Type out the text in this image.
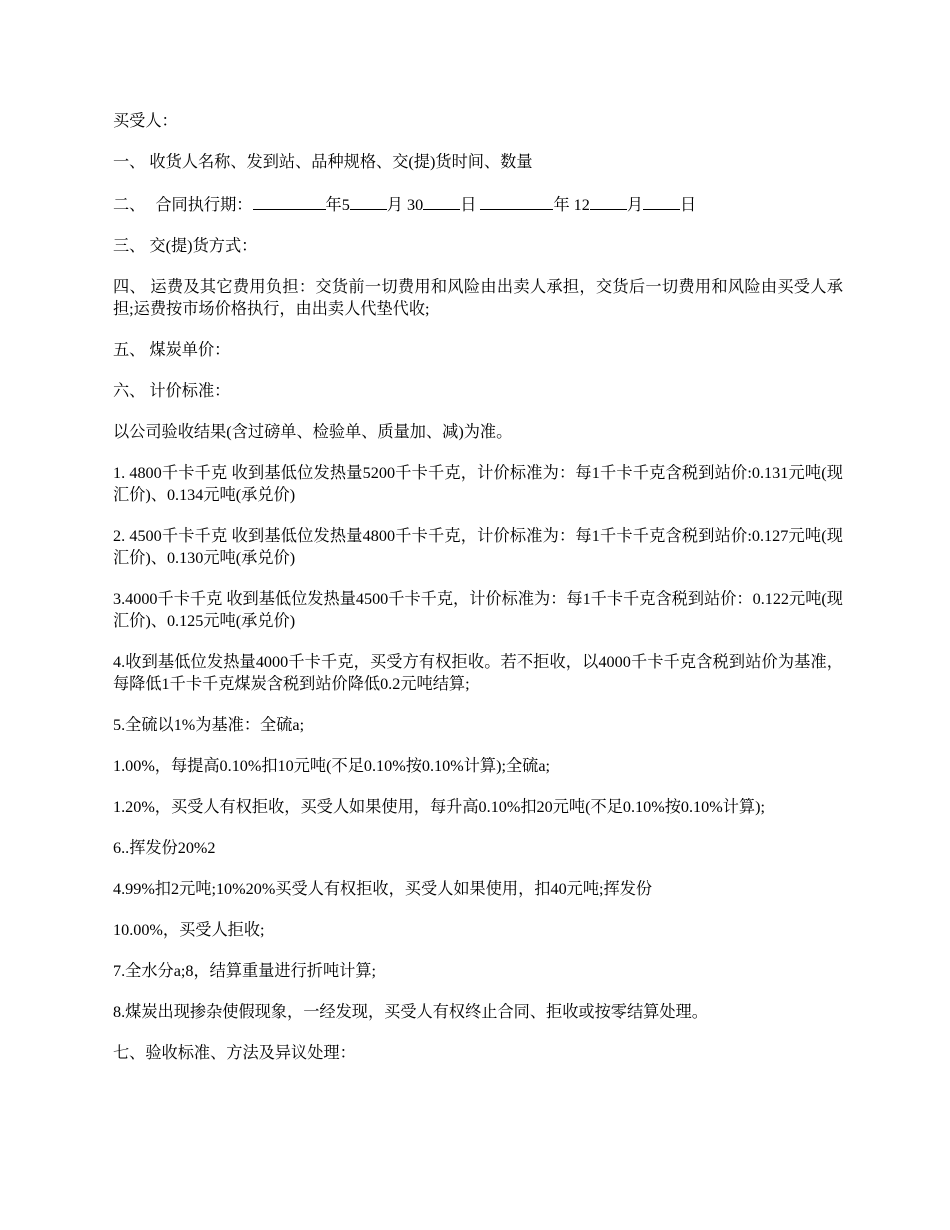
买受人：

一、 收货人名称、发到站、品种规格、交(提)货时间、数量

二、 合同执行期：	年5 月 30 日	年 12 月 日

三、 交(提)货方式：

四、 运费及其它费用负担：交货前一切费用和风险由出卖人承担，交货后一切费用和风险由买受人承担;运费按市场价格执行，由出卖人代垫代收;

五、 煤炭单价：

六、 计价标准：

以公司验收结果(含过磅单、检验单、质量加、减)为准。

1. 4800千卡千克 收到基低位发热量5200千卡千克，计价标准为：每1千卡千克含税到站价:0.131元吨(现汇价)、0.134元吨(承兑价)

2. 4500千卡千克 收到基低位发热量4800千卡千克，计价标准为：每1千卡千克含税到站价:0.127元吨(现汇价)、0.130元吨(承兑价)

3.4000千卡千克 收到基低位发热量4500千卡千克，计价标准为：每1千卡千克含税到站价：0.122元吨(现汇价)、0.125元吨(承兑价)

4.收到基低位发热量4000千卡千克，买受方有权拒收。若不拒收，以4000千卡千克含税到站价为基准，每降低1千卡千克煤炭含税到站价降低0.2元吨结算;

5.全硫以1%为基准：全硫a;

1.00%，每提高0.10%扣10元吨(不足0.10%按0.10%计算);全硫a;

1.20%，买受人有权拒收，买受人如果使用，每升高0.10%扣20元吨(不足0.10%按0.10%计算);

6..挥发份20%2

4.99%扣2元吨;10%20%买受人有权拒收，买受人如果使用，扣40元吨;挥发份

10.00%，买受人拒收;

7.全水分a;8，结算重量进行折吨计算;

8.煤炭出现掺杂使假现象，一经发现，买受人有权终止合同、拒收或按零结算处理。

七、验收标准、方法及异议处理：
